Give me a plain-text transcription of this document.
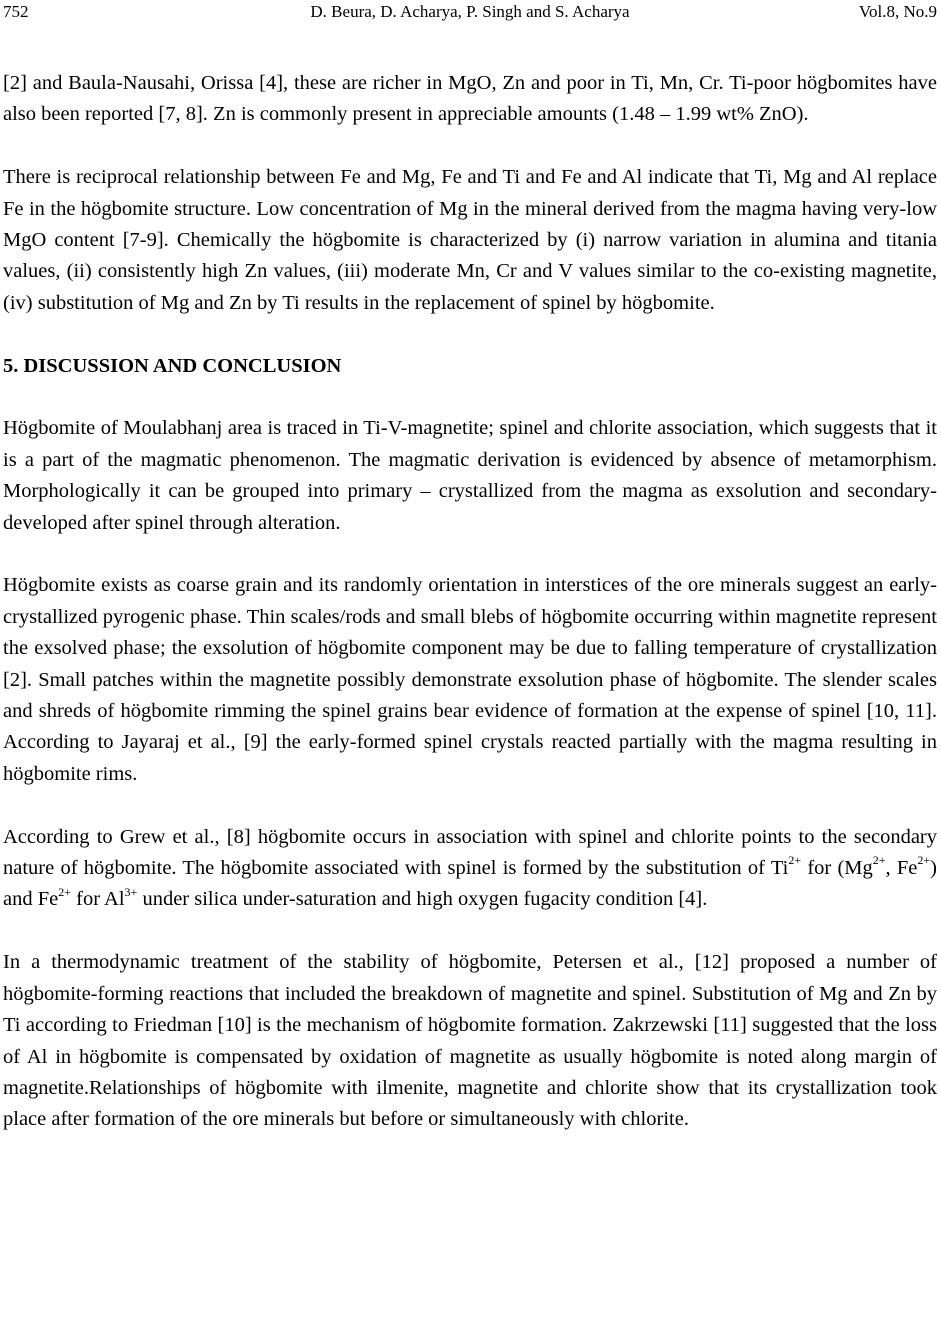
752	D. Beura, D. Acharya, P. Singh and S. Acharya	Vol.8, No.9

[2] and Baula-Nausahi, Orissa [4], these are richer in MgO, Zn and poor in Ti, Mn, Cr. Ti-poor högbomites have also been reported [7, 8]. Zn is commonly present in appreciable amounts (1.48 – 1.99 wt% ZnO).

There is reciprocal relationship between Fe and Mg, Fe and Ti and Fe and Al indicate that Ti, Mg and Al replace Fe in the högbomite structure. Low concentration of Mg in the mineral derived from the magma having very-low MgO content [7-9]. Chemically the högbomite is characterized by (i) narrow variation in alumina and titania values, (ii) consistently high Zn values, (iii) moderate Mn, Cr and V values similar to the co-existing magnetite, (iv) substitution of Mg and Zn by Ti results in the replacement of spinel by högbomite.

5. DISCUSSION AND CONCLUSION

Högbomite of Moulabhanj area is traced in Ti-V-magnetite; spinel and chlorite association, which suggests that it is a part of the magmatic phenomenon. The magmatic derivation is evidenced by absence of metamorphism. Morphologically it can be grouped into primary – crystallized from the magma as exsolution and secondary- developed after spinel through alteration.

Högbomite exists as coarse grain and its randomly orientation in interstices of the ore minerals suggest an early-crystallized pyrogenic phase. Thin scales/rods and small blebs of högbomite occurring within magnetite represent the exsolved phase; the exsolution of högbomite component may be due to falling temperature of crystallization [2]. Small patches within the magnetite possibly demonstrate exsolution phase of högbomite. The slender scales and shreds of högbomite rimming the spinel grains bear evidence of formation at the expense of spinel [10, 11]. According to Jayaraj et al., [9] the early-formed spinel crystals reacted partially with the magma resulting in högbomite rims.

According to Grew et al., [8] högbomite occurs in association with spinel and chlorite points to the secondary nature of högbomite. The högbomite associated with spinel is formed by the substitution of $Ti^{2+}$ for ($Mg^{2+}$, $Fe^{2+}$) and $Fe^{2+}$ for $Al^{3+}$ under silica under-saturation and high oxygen fugacity condition [4].

In a thermodynamic treatment of the stability of högbomite, Petersen et al., [12] proposed a number of högbomite-forming reactions that included the breakdown of magnetite and spinel. Substitution of Mg and Zn by Ti according to Friedman [10] is the mechanism of högbomite formation. Zakrzewski [11] suggested that the loss of Al in högbomite is compensated by oxidation of magnetite as usually högbomite is noted along margin of magnetite.Relationships of högbomite with ilmenite, magnetite and chlorite show that its crystallization took place after formation of the ore minerals but before or simultaneously with chlorite.
